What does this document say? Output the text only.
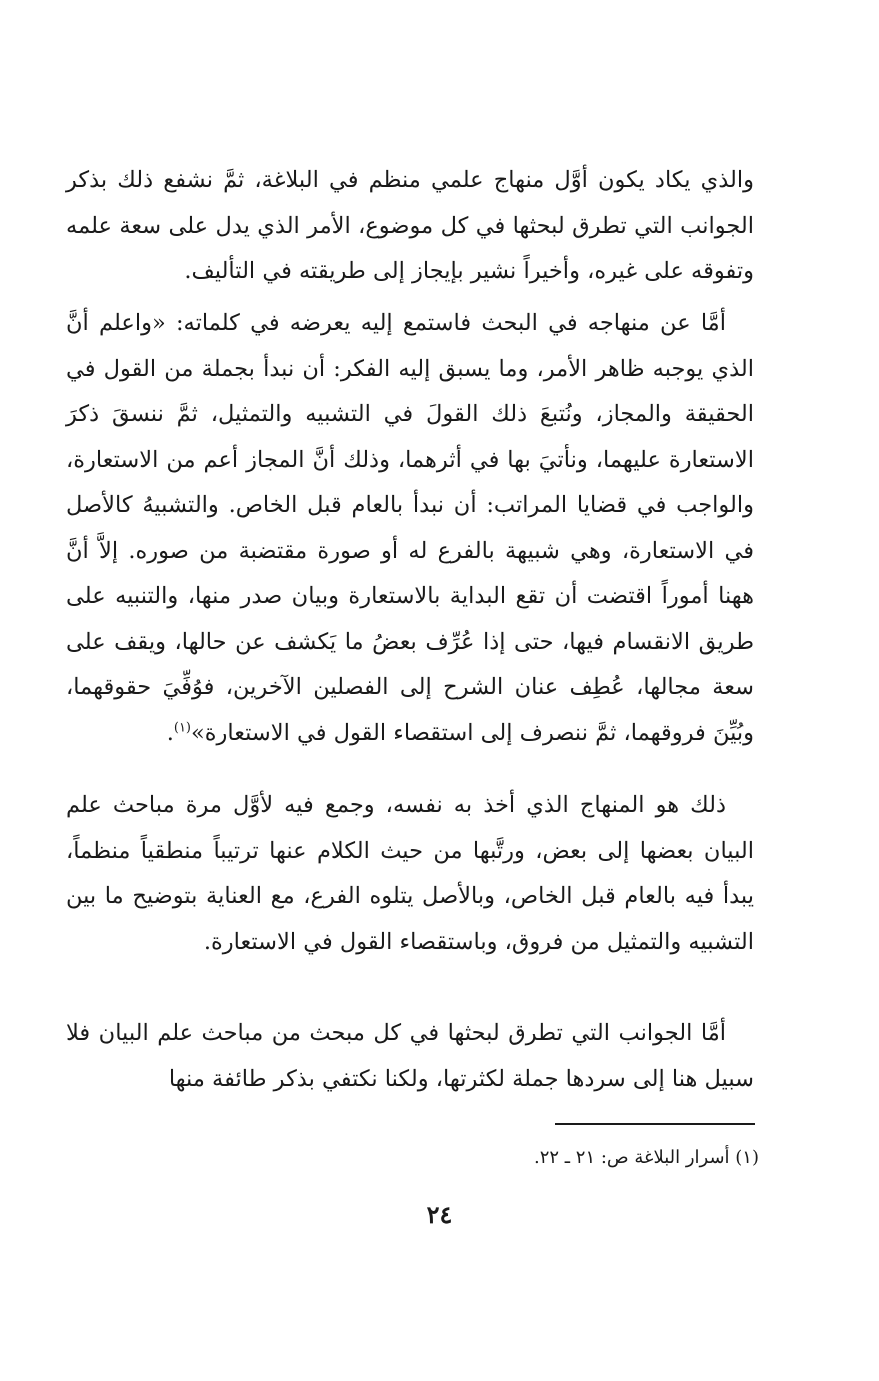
والذي يكاد يكون أوَّل منهاج علمي منظم في البلاغة، ثمَّ نشفع ذلك بذكر الجوانب التي تطرق لبحثها في كل موضوع، الأمر الذي يدل على سعة علمه وتفوقه على غيره، وأخيراً نشير بإيجاز إلى طريقته في التأليف.

أمَّا عن منهاجه في البحث فاستمع إليه يعرضه في كلماته: «واعلم أنَّ الذي يوجبه ظاهر الأمر، وما يسبق إليه الفكر: أن نبدأ بجملة من القول في الحقيقة والمجاز، ونُتبعَ ذلك القولَ في التشبيه والتمثيل، ثمَّ ننسقَ ذكرَ الاستعارة عليهما، ونأتيَ بها في أثرهما، وذلك أنَّ المجاز أعم من الاستعارة، والواجب في قضايا المراتب: أن نبدأ بالعام قبل الخاص. والتشبيهُ كالأصل في الاستعارة، وهي شبيهة بالفرع له أو صورة مقتضبة من صوره. إلاَّ أنَّ ههنا أموراً اقتضت أن تقع البداية بالاستعارة وبيان صدر منها، والتنبيه على طريق الانقسام فيها، حتى إذا عُرِّف بعضُ ما يَكشف عن حالها، ويقف على سعة مجالها، عُطِف عنان الشرح إلى الفصلين الآخرين، فوُفِّيَ حقوقهما، وبُيِّنَ فروقهما، ثمَّ ننصرف إلى استقصاء القول في الاستعارة»$^{(١)}$.

ذلك هو المنهاج الذي أخذ به نفسه، وجمع فيه لأوَّل مرة مباحث علم البيان بعضها إلى بعض، ورتَّبها من حيث الكلام عنها ترتيباً منطقياً منظماً، يبدأ فيه بالعام قبل الخاص، وبالأصل يتلوه الفرع، مع العناية بتوضيح ما بين التشبيه والتمثيل من فروق، وباستقصاء القول في الاستعارة.

أمَّا الجوانب التي تطرق لبحثها في كل مبحث من مباحث علم البيان فلا سبيل هنا إلى سردها جملة لكثرتها، ولكنا نكتفي بذكر طائفة منها

(١) أسرار البلاغة ص: ٢١ ـ ٢٢.
٢٤
